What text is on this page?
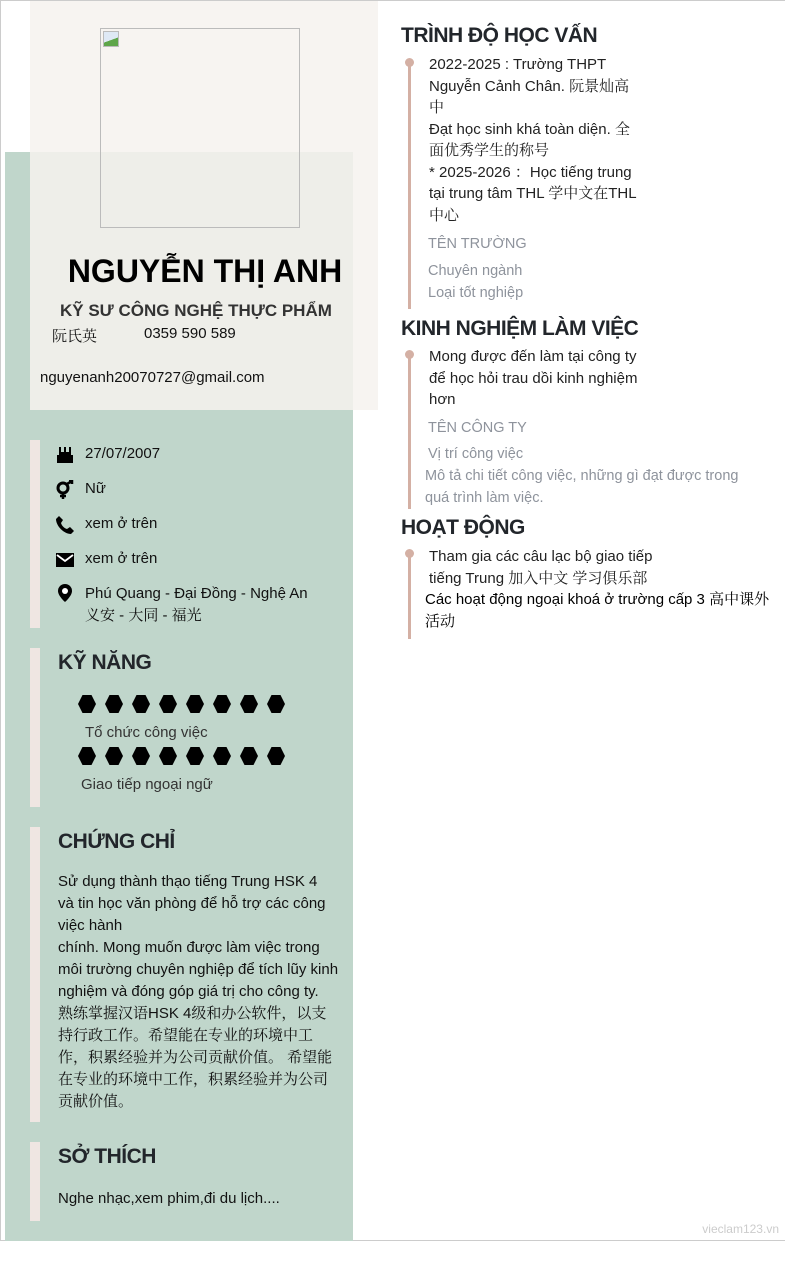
NGUYỄN THỊ ANH
KỸ SƯ CÔNG NGHỆ THỰC PHẨM
阮氏英	0359 590 589
nguyenanh20070727@gmail.com
27/07/2007
Nữ
xem ở trên
xem ở trên
Phú Quang - Đại Đồng - Nghệ An
义安 - 大同 - 福光
KỸ NĂNG
Tổ chức công việc
Giao tiếp ngoại ngữ
CHỨNG CHỈ
Sử dụng thành thạo tiếng Trung HSK 4
và tin học văn phòng để hỗ trợ các công
việc hành
chính. Mong muốn được làm việc trong
môi trường chuyên nghiệp để tích lũy kinh
nghiệm và đóng góp giá trị cho công ty.
熟练掌握汉语HSK 4级和办公软件，以支
持行政工作。希望能在专业的环境中工
作，积累经验并为公司贡献价值。 希望能
在专业的环境中工作，积累经验并为公司
贡献价值。
SỞ THÍCH
Nghe nhạc,xem phim,đi du lịch....
TRÌNH ĐỘ HỌC VẤN
2022-2025 : Trường THPT
Nguyễn Cảnh Chân. 阮景灿高
中
Đạt học sinh khá toàn diện. 全
面优秀学生的称号
* 2025-2026 ：Học tiếng trung
tại trung tâm THL 学中文在THL
中心
TÊN TRƯỜNG
Chuyên ngành
Loại tốt nghiệp
KINH NGHIỆM LÀM VIỆC
Mong được đến làm tại công ty
để học hỏi trau dồi kinh nghiệm
hơn
TÊN CÔNG TY
Vị trí công việc
Mô tả chi tiết công việc, những gì đạt được trong
quá trình làm việc.
HOẠT ĐỘNG
Tham gia các câu lạc bộ giao tiếp
tiếng Trung 加入中文 学习俱乐部
Các hoạt động ngoại khoá ở trường cấp 3 高中课外
活动
vieclam123.vn
